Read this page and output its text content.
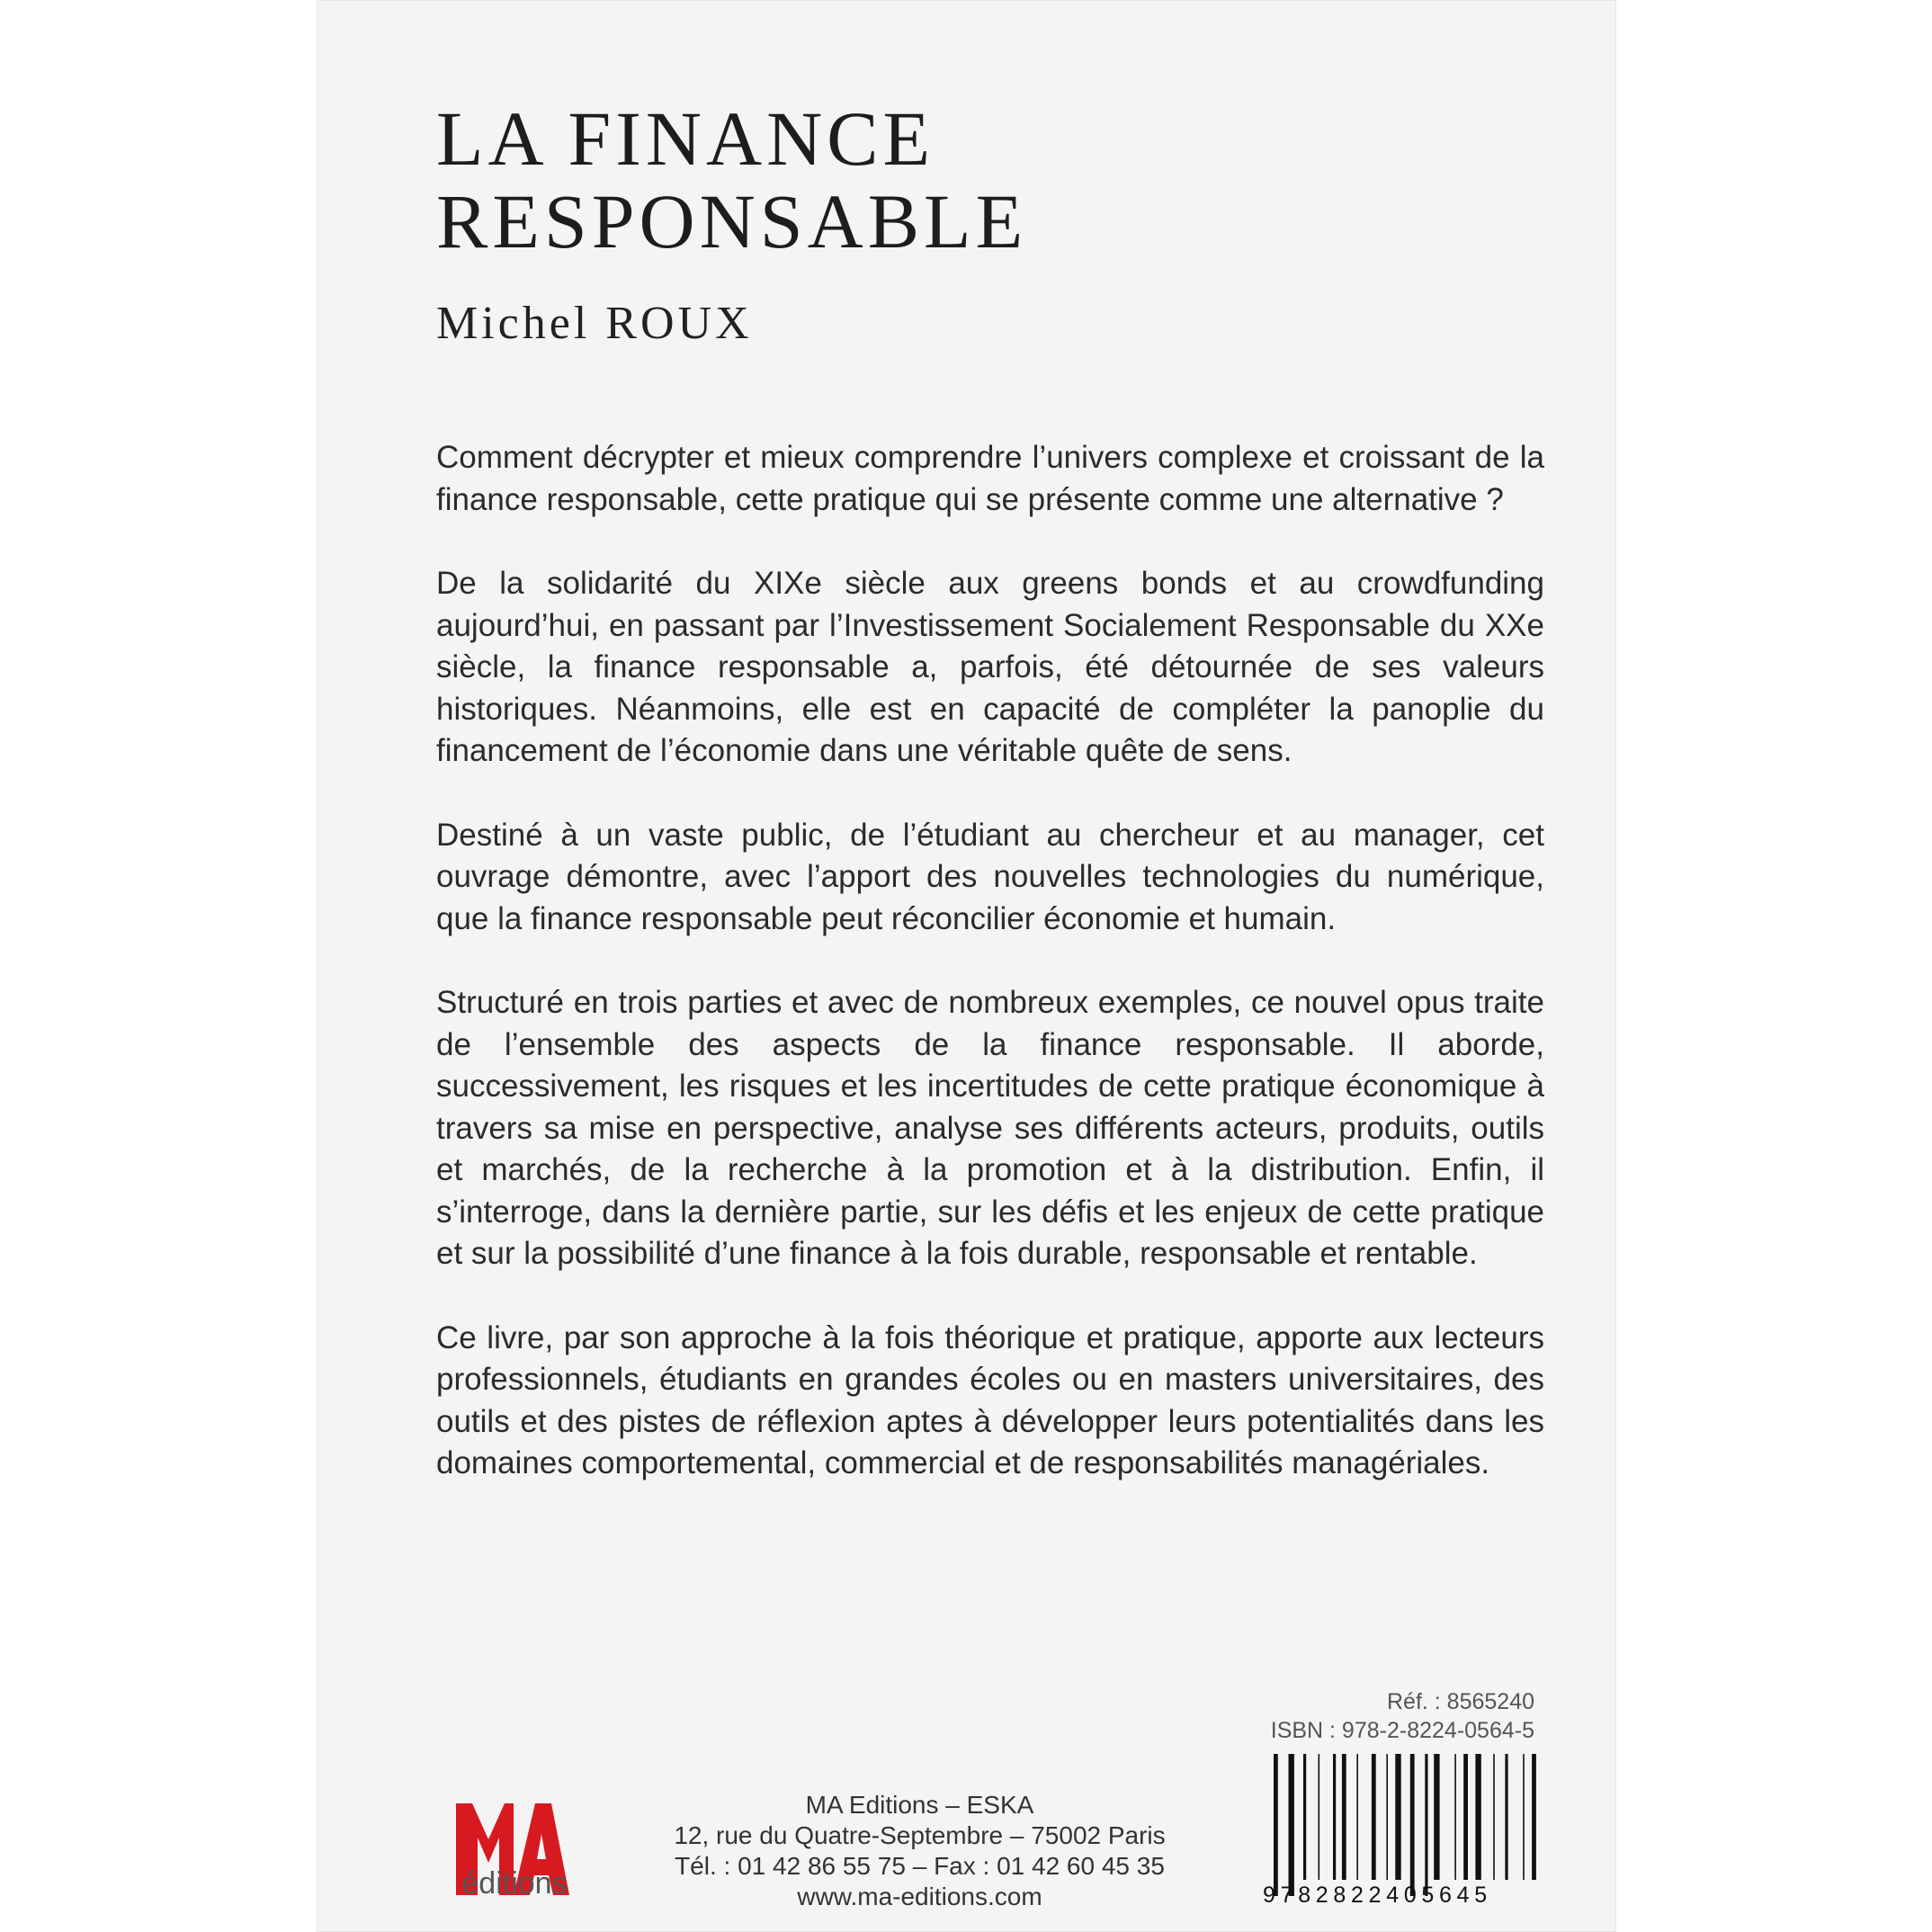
LA FINANCE
RESPONSABLE
Michel ROUX

Comment décrypter et mieux comprendre l’univers complexe et croissant de la finance responsable, cette pratique qui se présente comme une alternative ?

De la solidarité du XIXe siècle aux greens bonds et au crowdfunding aujourd’hui, en passant par l’Investissement Socialement Responsable du XXe siècle, la finance responsable a, parfois, été détournée de ses valeurs historiques. Néanmoins, elle est en capacité de compléter la panoplie du financement de l’économie dans une véritable quête de sens.

Destiné à un vaste public, de l’étudiant au chercheur et au manager, cet ouvrage démontre, avec l’apport des nouvelles technologies du numérique, que la finance responsable peut réconcilier économie et humain.

Structuré en trois parties et avec de nombreux exemples, ce nouvel opus traite de l’ensemble des aspects de la finance responsable. Il aborde, successivement, les risques et les incertitudes de cette pratique économique à travers sa mise en perspective, analyse ses différents acteurs, produits, outils et marchés, de la recherche à la promotion et à la distribution. Enfin, il s’interroge, dans la dernière partie, sur les défis et les enjeux de cette pratique et sur la possibilité d’une finance à la fois durable, responsable et rentable.

Ce livre, par son approche à la fois théorique et pratique, apporte aux lecteurs professionnels, étudiants en grandes écoles ou en masters universitaires, des outils et des pistes de réflexion aptes à développer leurs potentialités dans les domaines comportemental, commercial et de responsabilités managériales.

Réf. : 8565240
ISBN : 978-2-8224-0564-5
éditions
MA Editions – ESKA
12, rue du Quatre-Septembre – 75002 Paris
Tél. : 01 42 86 55 75 – Fax : 01 42 60 45 35
www.ma-editions.com	9782822405645
